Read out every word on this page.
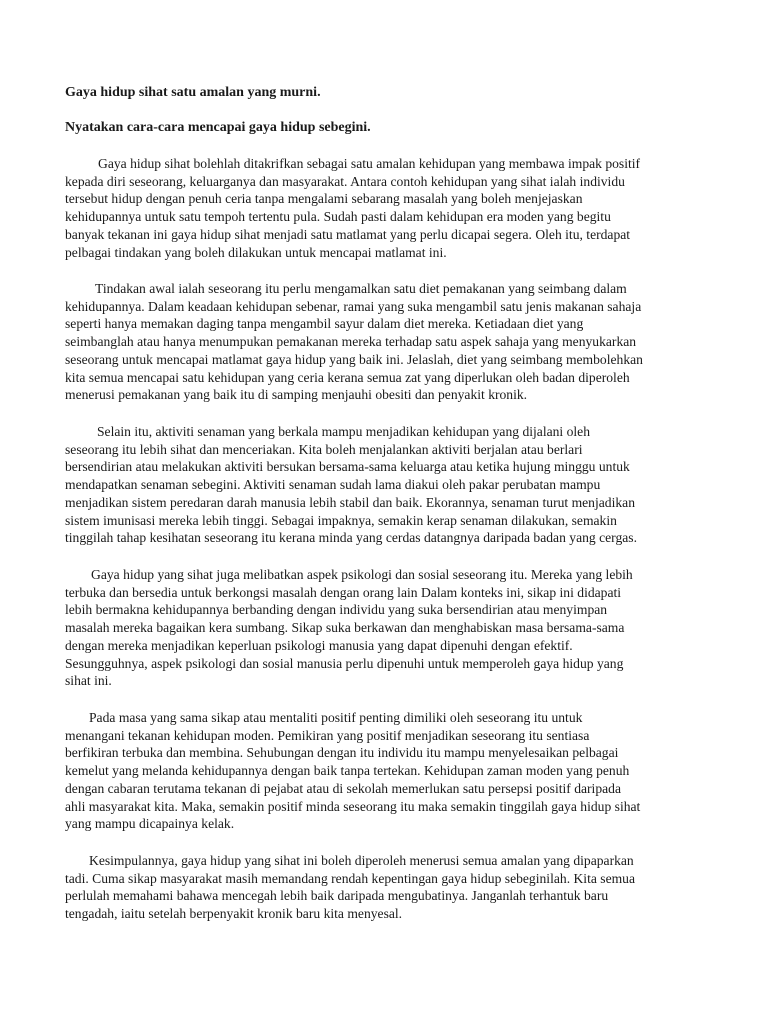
Gaya hidup sihat satu amalan yang murni.
Nyatakan cara-cara mencapai gaya hidup sebegini.
Gaya hidup sihat bolehlah ditakrifkan sebagai satu amalan kehidupan yang membawa impak positif
kepada diri seseorang, keluarganya dan masyarakat. Antara contoh kehidupan yang sihat ialah individu
tersebut hidup dengan penuh ceria tanpa mengalami sebarang masalah yang boleh menjejaskan
kehidupannya untuk satu tempoh tertentu pula. Sudah pasti dalam kehidupan era moden yang begitu
banyak tekanan ini gaya hidup sihat menjadi satu matlamat yang perlu dicapai segera. Oleh itu, terdapat
pelbagai tindakan yang boleh dilakukan untuk mencapai matlamat ini.
Tindakan awal ialah seseorang itu perlu mengamalkan satu diet pemakanan yang seimbang dalam
kehidupannya. Dalam keadaan kehidupan sebenar, ramai yang suka mengambil satu jenis makanan sahaja
seperti hanya memakan daging tanpa mengambil sayur dalam diet mereka. Ketiadaan diet yang
seimbanglah atau hanya menumpukan pemakanan mereka terhadap satu aspek sahaja yang menyukarkan
seseorang untuk mencapai matlamat gaya hidup yang baik ini. Jelaslah, diet yang seimbang membolehkan
kita semua mencapai satu kehidupan yang ceria kerana semua zat yang diperlukan oleh badan diperoleh
menerusi pemakanan yang baik itu di samping menjauhi obesiti dan penyakit kronik.
Selain itu, aktiviti senaman yang berkala mampu menjadikan kehidupan yang dijalani oleh
seseorang itu lebih sihat dan menceriakan. Kita boleh menjalankan aktiviti berjalan atau berlari
bersendirian atau melakukan aktiviti bersukan bersama-sama keluarga atau ketika hujung minggu untuk
mendapatkan senaman sebegini. Aktiviti senaman sudah lama diakui oleh pakar perubatan mampu
menjadikan sistem peredaran darah manusia lebih stabil dan baik. Ekorannya, senaman turut menjadikan
sistem imunisasi mereka lebih tinggi. Sebagai impaknya, semakin kerap senaman dilakukan, semakin
tinggilah tahap kesihatan seseorang itu kerana minda yang cerdas datangnya daripada badan yang cergas.
Gaya hidup yang sihat juga melibatkan aspek psikologi dan sosial seseorang itu. Mereka yang lebih
terbuka dan bersedia untuk berkongsi masalah dengan orang lain Dalam konteks ini, sikap ini didapati
lebih bermakna kehidupannya berbanding dengan individu yang suka bersendirian atau menyimpan
masalah mereka bagaikan kera sumbang. Sikap suka berkawan dan menghabiskan masa bersama-sama
dengan mereka menjadikan keperluan psikologi manusia yang dapat dipenuhi dengan efektif.
Sesungguhnya, aspek psikologi dan sosial manusia perlu dipenuhi untuk memperoleh gaya hidup yang
sihat ini.
Pada masa yang sama sikap atau mentaliti positif penting dimiliki oleh seseorang itu untuk
menangani tekanan kehidupan moden. Pemikiran yang positif menjadikan seseorang itu sentiasa
berfikiran terbuka dan membina. Sehubungan dengan itu individu itu mampu menyelesaikan pelbagai
kemelut yang melanda kehidupannya dengan baik tanpa tertekan. Kehidupan zaman moden yang penuh
dengan cabaran terutama tekanan di pejabat atau di sekolah memerlukan satu persepsi positif daripada
ahli masyarakat kita. Maka, semakin positif minda seseorang itu maka semakin tinggilah gaya hidup sihat
yang mampu dicapainya kelak.
Kesimpulannya, gaya hidup yang sihat ini boleh diperoleh menerusi semua amalan yang dipaparkan
tadi. Cuma sikap masyarakat masih memandang rendah kepentingan gaya hidup sebeginilah. Kita semua
perlulah memahami bahawa mencegah lebih baik daripada mengubatinya. Janganlah terhantuk baru
tengadah, iaitu setelah berpenyakit kronik baru kita menyesal.
